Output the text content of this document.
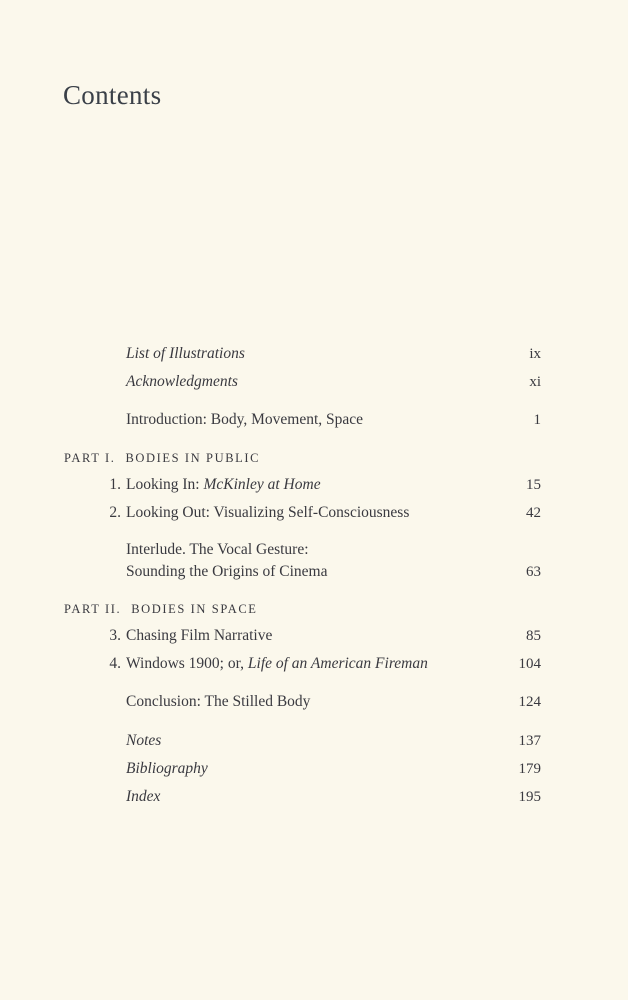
Contents
List of Illustrations	ix
Acknowledgments	xi
Introduction: Body, Movement, Space	1
PART I. BODIES IN PUBLIC
1. Looking In: McKinley at Home	15
2. Looking Out: Visualizing Self-Consciousness	42
Interlude. The Vocal Gesture:
Sounding the Origins of Cinema	63
PART II. BODIES IN SPACE
3. Chasing Film Narrative	85
4. Windows 1900; or, Life of an American Fireman	104
Conclusion: The Stilled Body	124
Notes	137
Bibliography	179
Index	195
